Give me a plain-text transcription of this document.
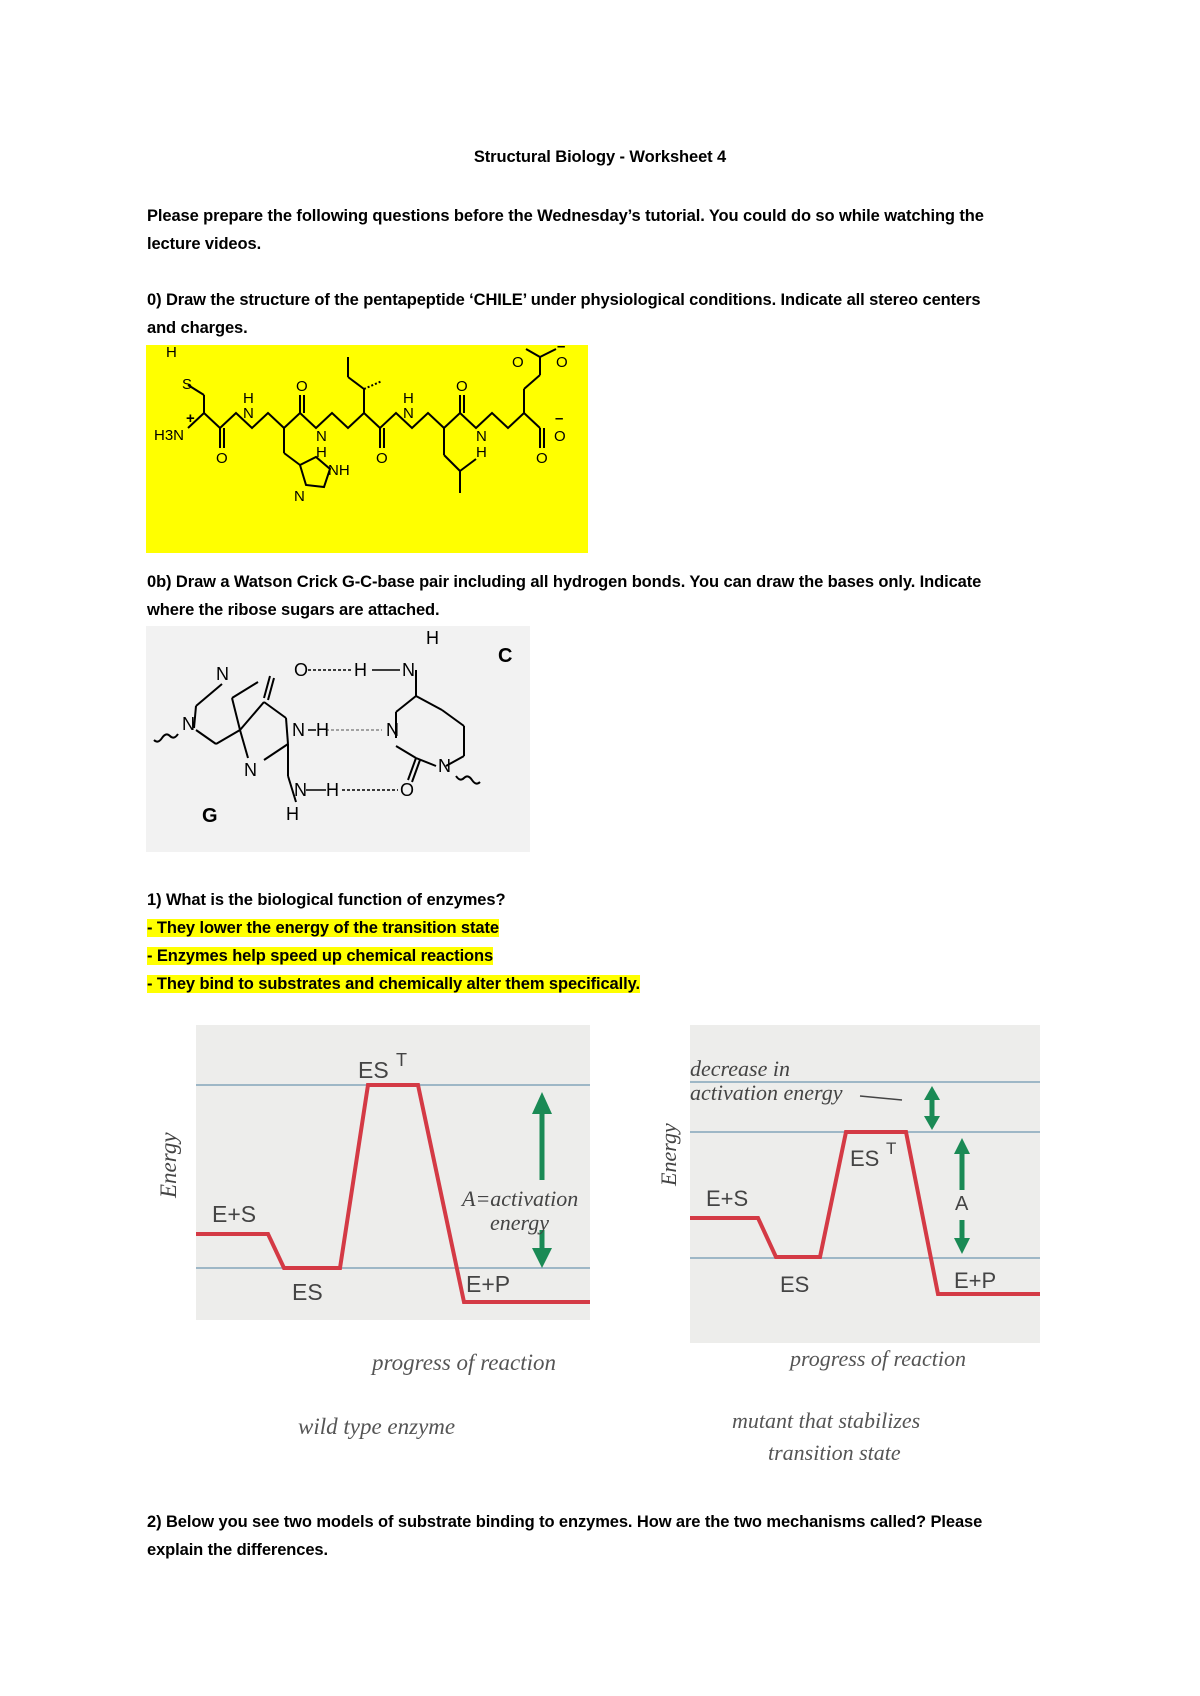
Structural Biology - Worksheet 4
Please prepare the following questions before the Wednesday’s tutorial. You could do so while watching the
lecture videos.
0) Draw the structure of the pentapeptide ‘CHILE’ under physiological conditions. Indicate all stereo centers
and charges.
H
S
H3N
+	N
H
N
H
N
H
N
H
O
O
O
O
O
O
–
O O
–
NH
N
0b) Draw a Watson Crick G-C-base pair including all hydrogen bonds. You can draw the bases only. Indicate
where the ribose sugars are attached.
N
N
N
N
O
N
H
H
H
H N
H
N
O
N
G
C
1) What is the biological function of enzymes?
- They lower the energy of the transition state
- Enzymes help speed up chemical reactions
- They bind to substrates and chemically alter them specifically.
Energy
ES T
E+S
ES	E+P
A=activation
energy
progress of reaction
wild type enzyme
Energy
decrease in
activation energy
ES T
E+S
ES	E+P
A
progress of reaction
mutant that stabilizes
transition state
2) Below you see two models of substrate binding to enzymes. How are the two mechanisms called? Please
explain the differences.
